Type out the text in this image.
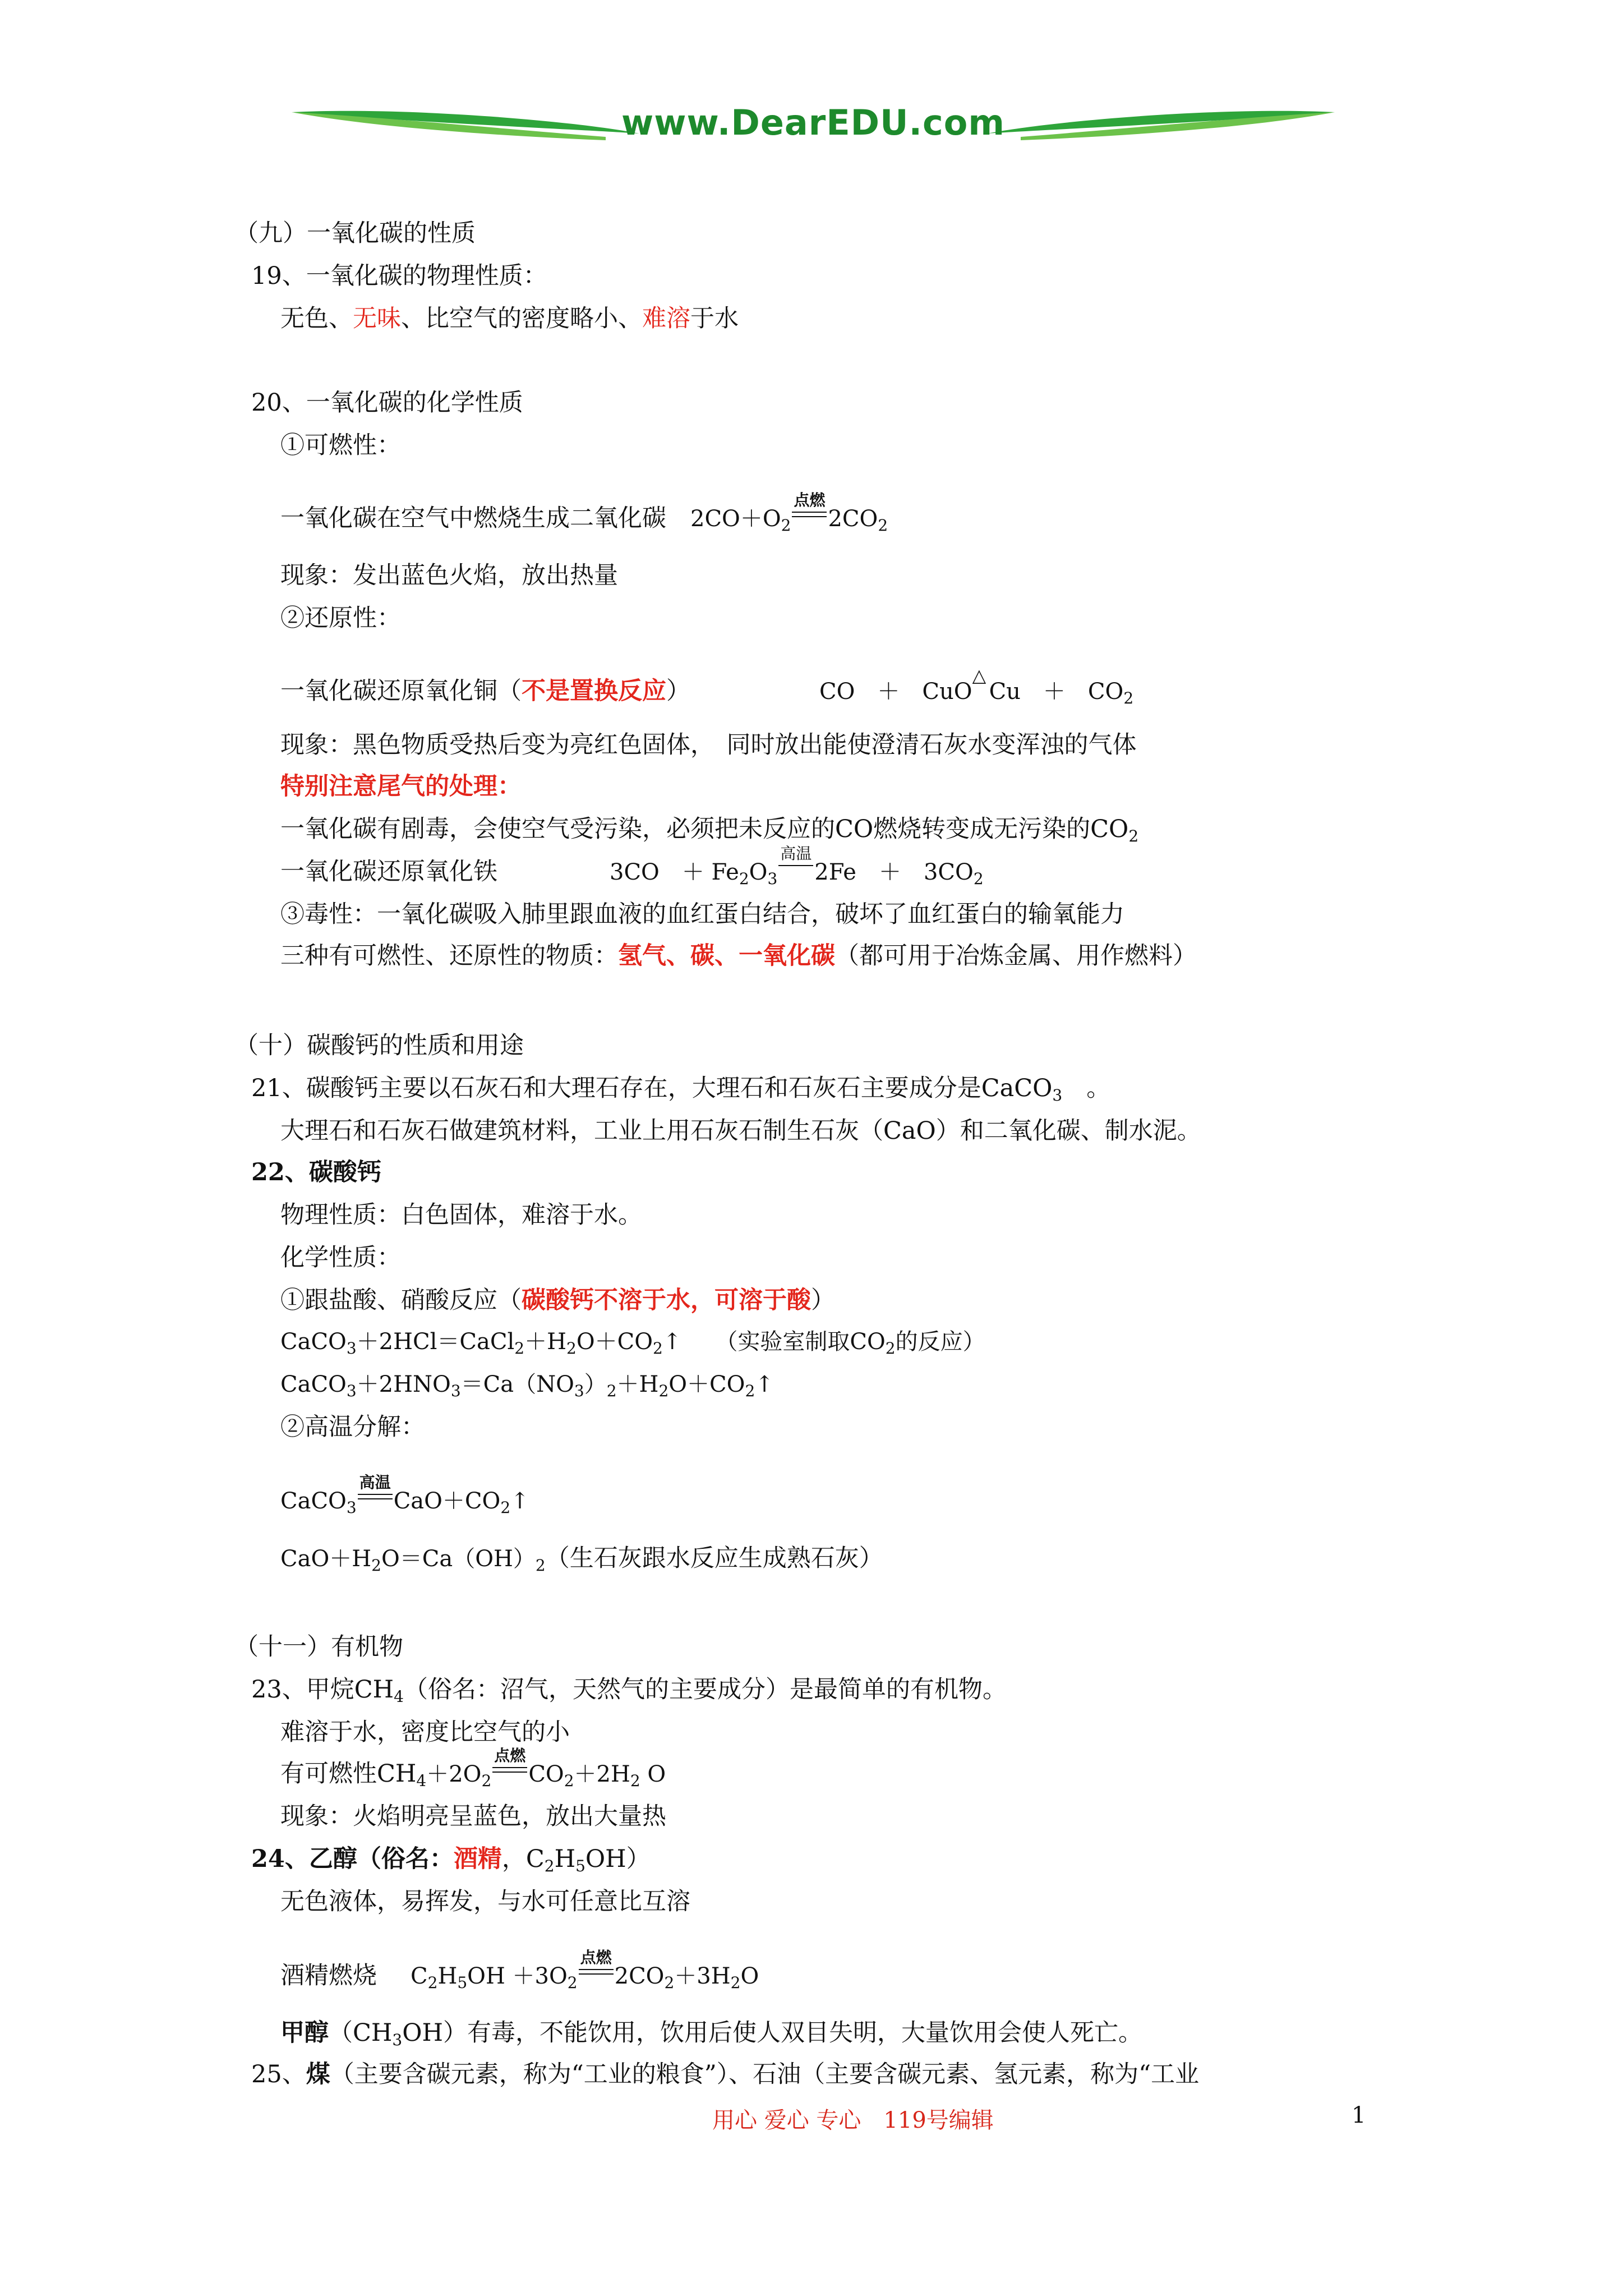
www.DearEDU.com
（九）一氧化碳的性质
19、一氧化碳的物理性质：
无色、无味、比空气的密度略小、难溶于水
20、一氧化碳的化学性质
①可燃性：
一氧化碳在空气中燃烧生成二氧化碳　 $2CO+O_2$
点燃
$2CO_2$
现象：发出蓝色火焰，放出热量
②还原性：
一氧化碳还原氧化铜（不是置换反应）	CO　＋　CuO
△
Cu　＋　$CO_2$
现象：黑色物质受热后变为亮红色固体，　同时放出能使澄清石灰水变浑浊的气体
特别注意尾气的处理：
一氧化碳有剧毒，会使空气受污染，必须把未反应的CO燃烧转变成无污染的$CO_2$
一氧化碳还原氧化铁	3CO　＋ $Fe_2O_3$
高温
2Fe　＋　$3CO_2$
③毒性：一氧化碳吸入肺里跟血液的血红蛋白结合，破坏了血红蛋白的输氧能力
三种有可燃性、还原性的物质：氢气、碳、一氧化碳（都可用于冶炼金属、用作燃料）
（十）碳酸钙的性质和用途
21、碳酸钙主要以石灰石和大理石存在，大理石和石灰石主要成分是CaCO$_3$　。
大理石和石灰石做建筑材料，工业上用石灰石制生石灰（CaO）和二氧化碳、制水泥。
22、碳酸钙
物理性质：白色固体，难溶于水。
化学性质：
①跟盐酸、硝酸反应（碳酸钙不溶于水，可溶于酸）
$CaCO_3+2HCl=CaCl_2+H_2O+CO_2↑$　　（实验室制取$CO_2$的反应）
$CaCO_3+2HNO_3=Ca(NO_3)_2+H_2O+CO_2↑$
②高温分解：
CaCO$_3$
高温
$CaO+CO_2↑$
$CaO+H_2O=Ca(OH)_2$（生石灰跟水反应生成熟石灰）
（十一）有机物
23、甲烷$CH_4$（俗名：沼气，天然气的主要成分）是最简单的有机物。
难溶于水，密度比空气的小
有可燃性$CH_4+2O_2$
点燃
$CO_2+2H_2$ O
现象：火焰明亮呈蓝色，放出大量热
24、乙醇（俗名：酒精，$C_2H_5OH$）
无色液体，易挥发，与水可任意比互溶
酒精燃烧 $C_2H_5OH +3O_2$
点燃
$2CO_2+3H_2O$
甲醇$(CH_3OH)$有毒，不能饮用，饮用后使人双目失明，大量饮用会使人死亡。
25、煤（主要含碳元素，称为“工业的粮食”）、石油（主要含碳元素、氢元素，称为“工业
用心 爱心 专心　119号编辑	1
